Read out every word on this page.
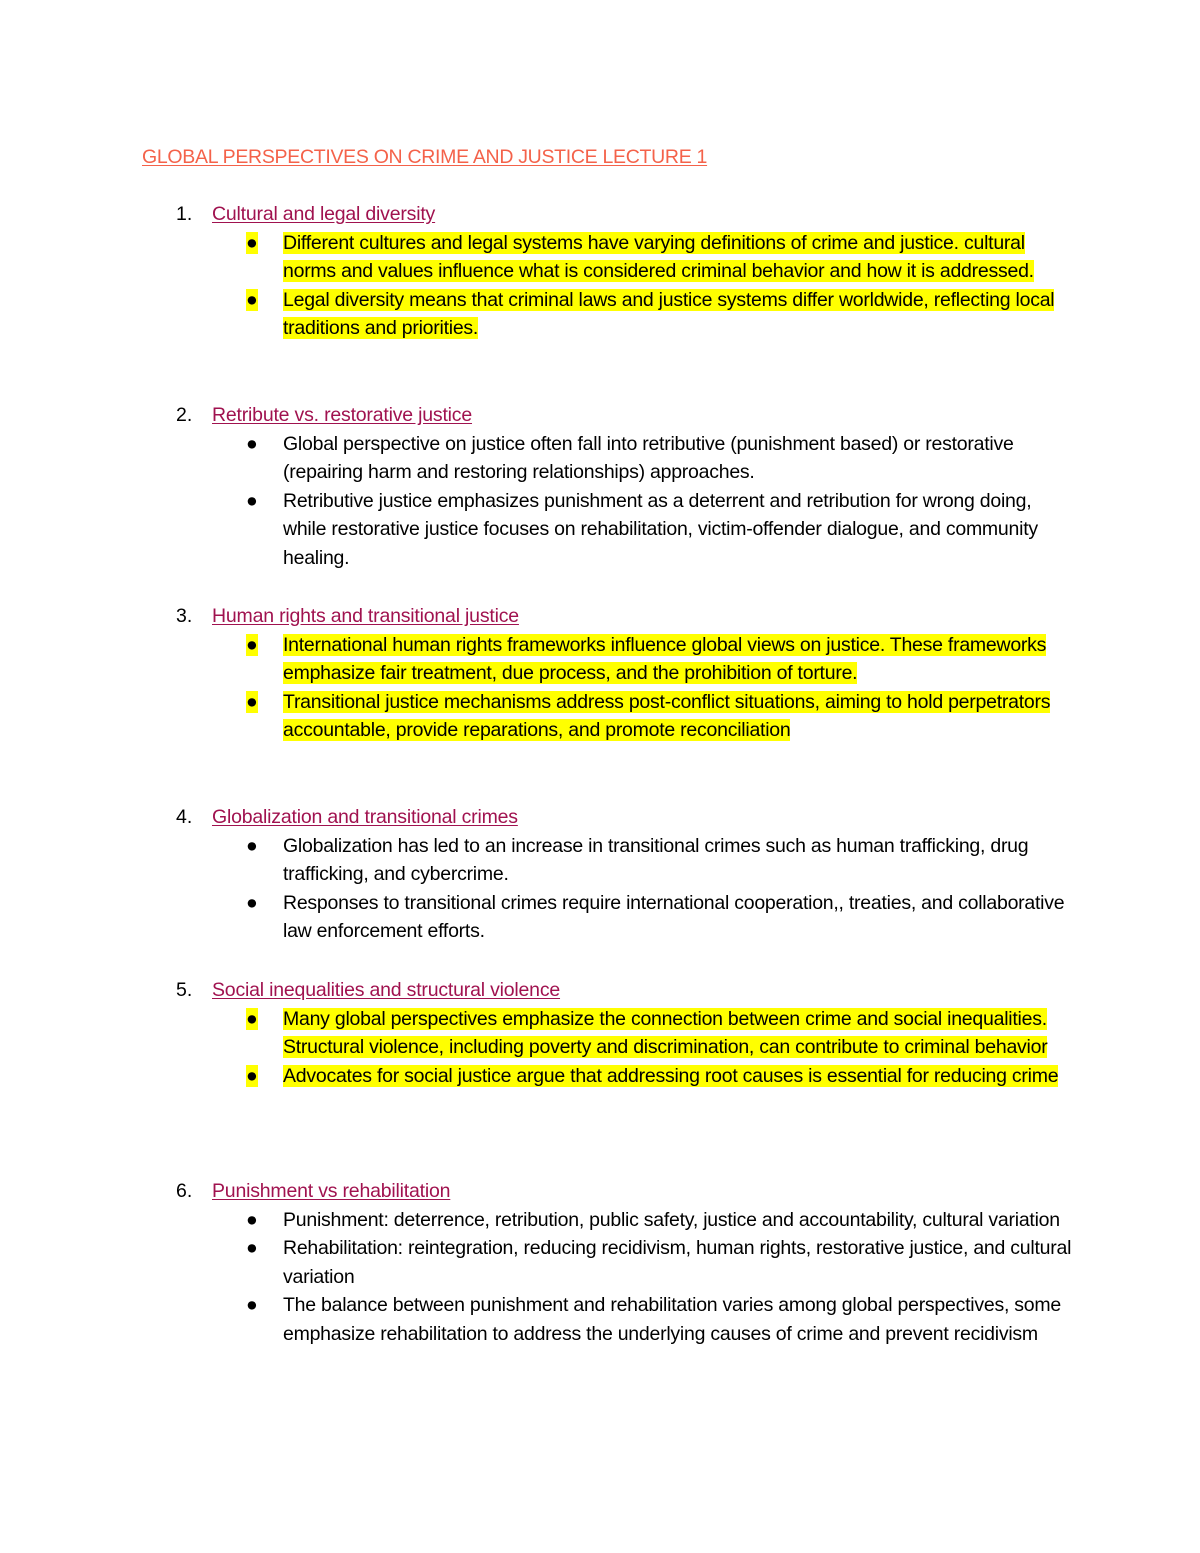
GLOBAL PERSPECTIVES ON CRIME AND JUSTICE LECTURE 1
1. Cultural and legal diversity
● Different cultures and legal systems have varying definitions of crime and justice. cultural norms and values influence what is considered criminal behavior and how it is addressed.
● Legal diversity means that criminal laws and justice systems differ worldwide, reflecting local traditions and priorities.
2. Retribute vs. restorative justice
● Global perspective on justice often fall into retributive (punishment based) or restorative (repairing harm and restoring relationships) approaches.
● Retributive justice emphasizes punishment as a deterrent and retribution for wrong doing, while restorative justice focuses on rehabilitation, victim-offender dialogue, and community healing.
3. Human rights and transitional justice
● International human rights frameworks influence global views on justice. These frameworks emphasize fair treatment, due process, and the prohibition of torture.
● Transitional justice mechanisms address post-conflict situations, aiming to hold perpetrators accountable, provide reparations, and promote reconciliation
4. Globalization and transitional crimes
● Globalization has led to an increase in transitional crimes such as human trafficking, drug trafficking, and cybercrime.
● Responses to transitional crimes require international cooperation,, treaties, and collaborative law enforcement efforts.
5. Social inequalities and structural violence
● Many global perspectives emphasize the connection between crime and social inequalities. Structural violence, including poverty and discrimination, can contribute to criminal behavior
● Advocates for social justice argue that addressing root causes is essential for reducing crime
6. Punishment vs rehabilitation
● Punishment: deterrence, retribution, public safety, justice and accountability, cultural variation
● Rehabilitation: reintegration, reducing recidivism, human rights, restorative justice, and cultural variation
● The balance between punishment and rehabilitation varies among global perspectives, some emphasize rehabilitation to address the underlying causes of crime and prevent recidivism
